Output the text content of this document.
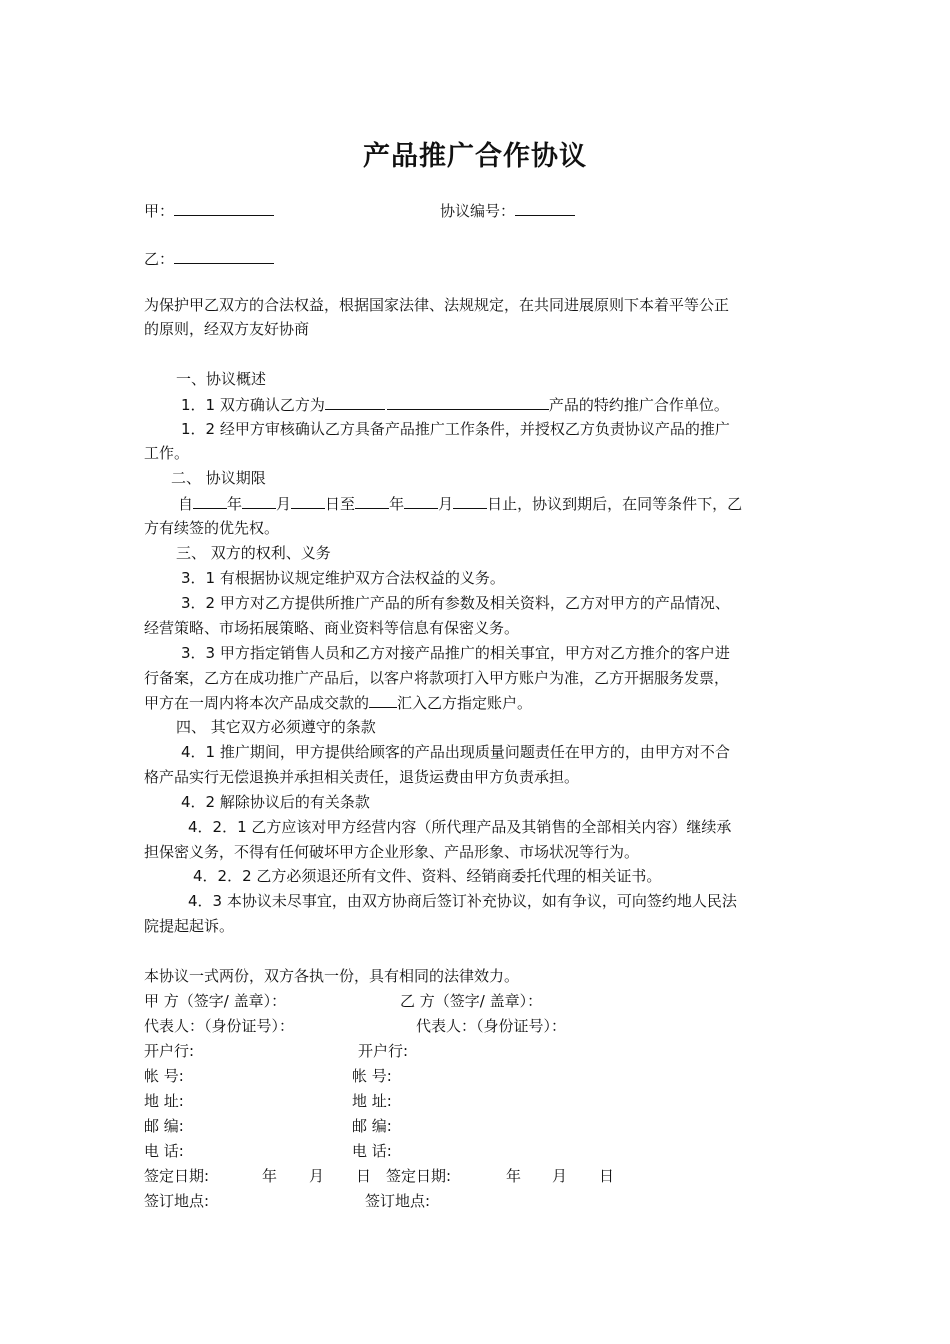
产品推广合作协议
甲：	协议编号：
乙：
为保护甲乙双方的合法权益，根据国家法律、法规规定，在共同进展原则下本着平等公正
的原则，经双方友好协商
一、协议概述
1．1 双方确认乙方为	产品的特约推广合作单位。
1．2 经甲方审核确认乙方具备产品推广工作条件，并授权乙方负责协议产品的推广
工作。
二、 协议期限
自 年 月 日至 年 月 日止，协议到期后，在同等条件下，乙
方有续签的优先权。
三、 双方的权利、义务
3．1 有根据协议规定维护双方合法权益的义务。
3．2 甲方对乙方提供所推广产品的所有参数及相关资料，乙方对甲方的产品情况、
经营策略、市场拓展策略、商业资料等信息有保密义务。
3．3 甲方指定销售人员和乙方对接产品推广的相关事宜，甲方对乙方推介的客户进
行备案，乙方在成功推广产品后，以客户将款项打入甲方账户为准，乙方开据服务发票，
甲方在一周内将本次产品成交款的 汇入乙方指定账户。
四、 其它双方必须遵守的条款
4．1 推广期间，甲方提供给顾客的产品出现质量问题责任在甲方的，由甲方对不合
格产品实行无偿退换并承担相关责任，退货运费由甲方负责承担。
4．2 解除协议后的有关条款
4．2．1 乙方应该对甲方经营内容（所代理产品及其销售的全部相关内容）继续承
担保密义务，不得有任何破坏甲方企业形象、产品形象、市场状况等行为。
4．2．2 乙方必须退还所有文件、资料、经销商委托代理的相关证书。
4．3 本协议未尽事宜，由双方协商后签订补充协议，如有争议，可向签约地人民法
院提起起诉。
本协议一式两份，双方各执一份，具有相同的法律效力。
甲 方（签字/ 盖章）：	乙 方（签字/ 盖章）：
代表人：（身份证号）：	代表人：（身份证号）：
开户行:	开户行:
帐 号:	帐 号:
地 址:	地 址:
邮 编:	邮 编:
电 话:	电 话:
签定日期:	年 月 日 签定日期:	年 月 日
签订地点:	签订地点:
